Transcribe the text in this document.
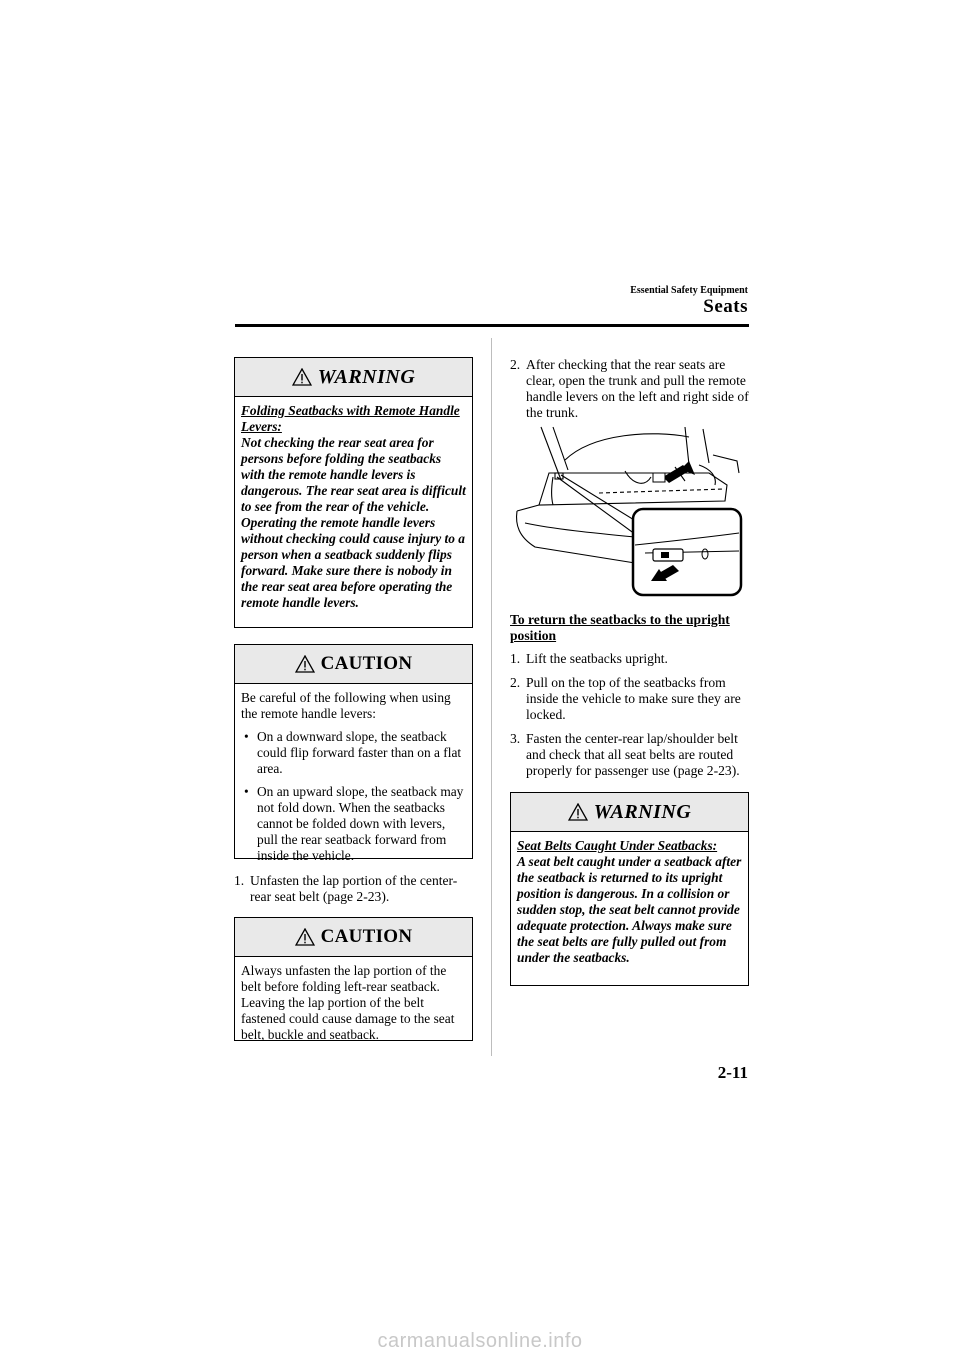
Essential Safety Equipment
Seats
WARNING
Folding Seatbacks with Remote Handle Levers:
Not checking the rear seat area for persons before folding the seatbacks with the remote handle levers is dangerous. The rear seat area is difficult to see from the rear of the vehicle. Operating the remote handle levers without checking could cause injury to a person when a seatback suddenly flips forward. Make sure there is nobody in the rear seat area before operating the remote handle levers.
CAUTION
Be careful of the following when using the remote handle levers:
• On a downward slope, the seatback could flip forward faster than on a flat area.
• On an upward slope, the seatback may not fold down. When the seatbacks cannot be folded down with levers, pull the rear seatback forward from inside the vehicle.
1. Unfasten the lap portion of the center-rear seat belt (page 2-23).
CAUTION
Always unfasten the lap portion of the belt before folding left-rear seatback. Leaving the lap portion of the belt fastened could cause damage to the seat belt, buckle and seatback.
2. After checking that the rear seats are clear, open the trunk and pull the remote handle levers on the left and right side of the trunk.
To return the seatbacks to the upright position
1. Lift the seatbacks upright.
2. Pull on the top of the seatbacks from inside the vehicle to make sure they are locked.
3. Fasten the center-rear lap/shoulder belt and check that all seat belts are routed properly for passenger use (page 2-23).
WARNING
Seat Belts Caught Under Seatbacks:
A seat belt caught under a seatback after the seatback is returned to its upright position is dangerous. In a collision or sudden stop, the seat belt cannot provide adequate protection. Always make sure the seat belts are fully pulled out from under the seatbacks.
2-11
carmanualsonline.info
